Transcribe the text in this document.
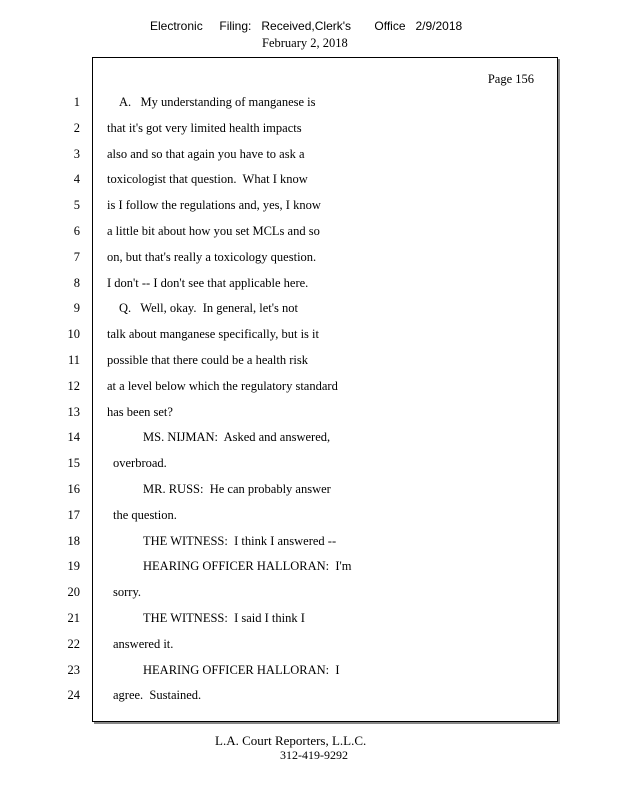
Electronic     Filing:   Received,Clerk's       Office   2/9/2018
February 2, 2018
Page 156
1	A.   My understanding of manganese is
2 that it's got very limited health impacts
3 also and so that again you have to ask a
4 toxicologist that question.  What I know
5 is I follow the regulations and, yes, I know
6 a little bit about how you set MCLs and so
7 on, but that's really a toxicology question.
8 I don't -- I don't see that applicable here.
9	Q.   Well, okay.  In general, let's not
10 talk about manganese specifically, but is it
11 possible that there could be a health risk
12 at a level below which the regulatory standard
13 has been set?
14	MS. NIJMAN:  Asked and answered,
15	overbroad.
16	MR. RUSS:  He can probably answer
17	the question.
18	THE WITNESS:  I think I answered --
19	HEARING OFFICER HALLORAN:  I'm
20	sorry.
21	THE WITNESS:  I said I think I
22	answered it.
23	HEARING OFFICER HALLORAN:  I
24	agree.  Sustained.
L.A. Court Reporters, L.L.C.
312-419-9292
